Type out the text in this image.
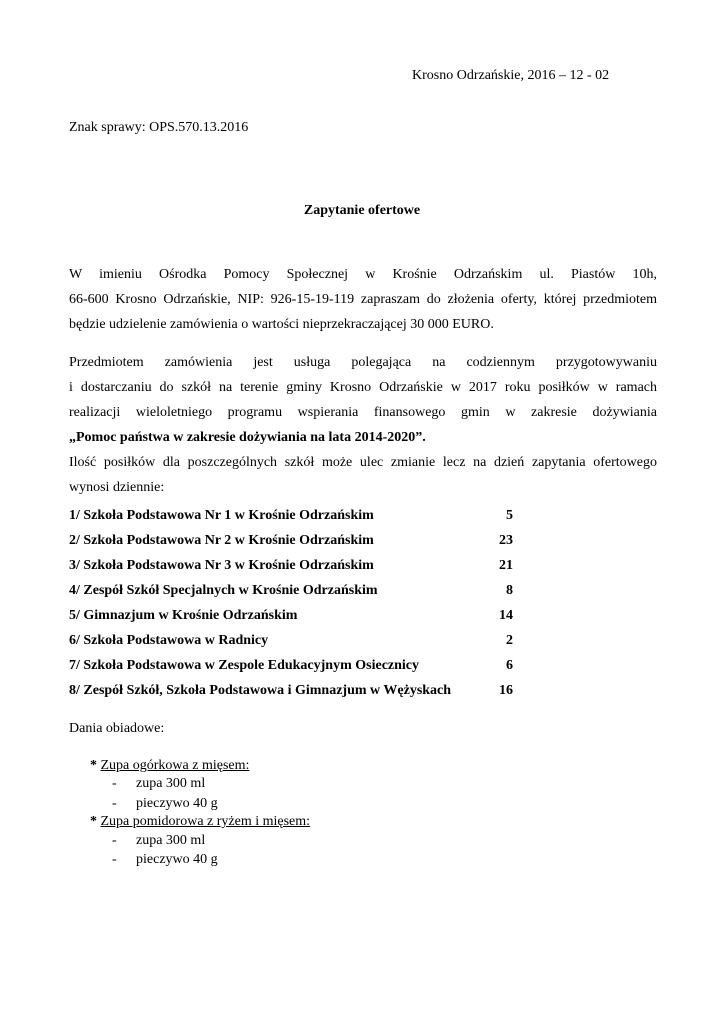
Krosno Odrzańskie, 2016 – 12 - 02
Znak sprawy: OPS.570.13.2016
Zapytanie ofertowe
W imieniu Ośrodka Pomocy Społecznej w Krośnie Odrzańskim ul. Piastów 10h,
66-600 Krosno Odrzańskie, NIP: 926-15-19-119 zapraszam do złożenia oferty, której przedmiotem
będzie udzielenie zamówienia o wartości nieprzekraczającej 30 000 EURO.
Przedmiotem zamówienia jest usługa polegająca na codziennym przygotowywaniu
i dostarczaniu do szkół na terenie gminy Krosno Odrzańskie w 2017 roku posiłków w ramach
realizacji wieloletniego programu wspierania finansowego gmin w zakresie dożywiania
„Pomoc państwa w zakresie dożywiania na lata 2014-2020”.
Ilość posiłków dla poszczególnych szkół może ulec zmianie lecz na dzień zapytania ofertowego
wynosi dziennie:
1/ Szkoła Podstawowa Nr 1 w Krośnie Odrzańskim	5
2/ Szkoła Podstawowa Nr 2 w Krośnie Odrzańskim	23
3/ Szkoła Podstawowa Nr 3 w Krośnie Odrzańskim	21
4/ Zespół Szkół Specjalnych w Krośnie Odrzańskim	8
5/ Gimnazjum w Krośnie Odrzańskim	14
6/ Szkoła Podstawowa w Radnicy	2
7/ Szkoła Podstawowa w Zespole Edukacyjnym Osiecznicy	6
8/ Zespół Szkół, Szkoła Podstawowa i Gimnazjum w Wężyskach	16
Dania obiadowe:
* Zupa ogórkowa z mięsem:
- zupa 300 ml
- pieczywo 40 g
* Zupa pomidorowa z ryżem i mięsem:
- zupa 300 ml
- pieczywo 40 g
